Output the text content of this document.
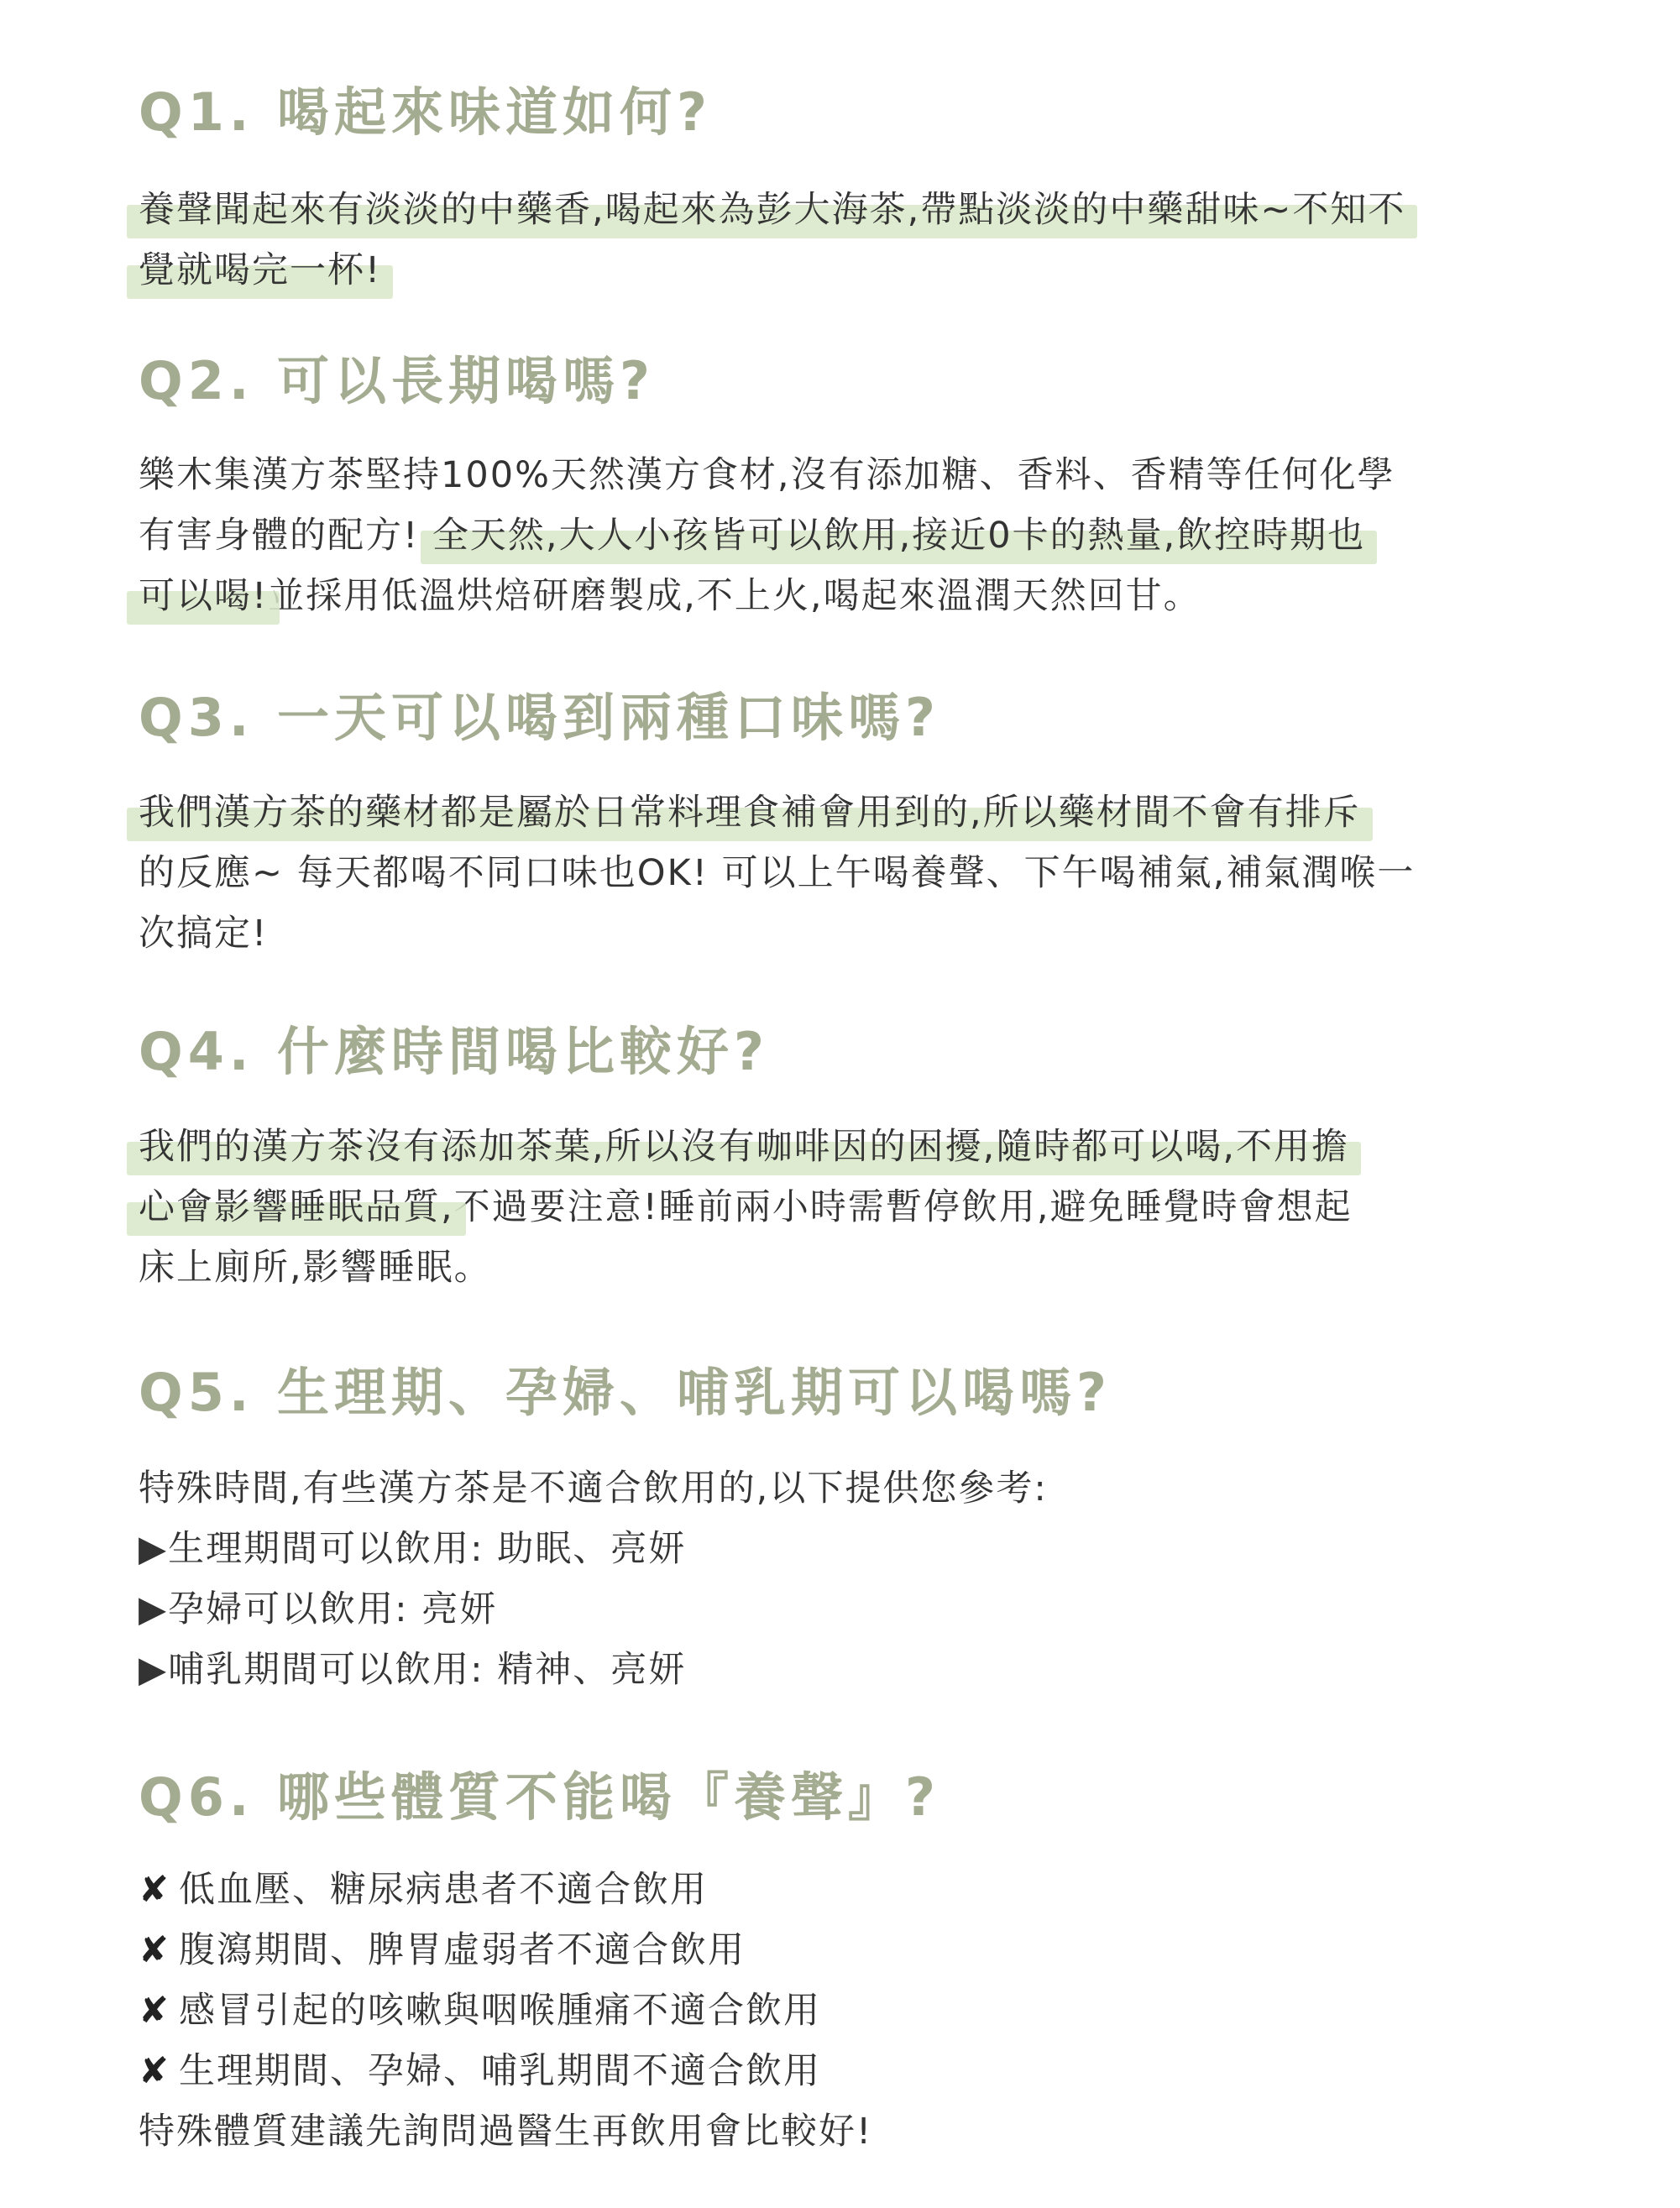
Q1. 喝起來味道如何?
養聲聞起來有淡淡的中藥香,喝起來為彭大海茶,帶點淡淡的中藥甜味~不知不
覺就喝完一杯!
Q2. 可以長期喝嗎?
樂木集漢方茶堅持100%天然漢方食材,沒有添加糖、香料、香精等任何化學
有害身體的配方! 全天然,大人小孩皆可以飲用,接近0卡的熱量,飲控時期也
可以喝!並採用低溫烘焙研磨製成,不上火,喝起來溫潤天然回甘。
Q3. 一天可以喝到兩種口味嗎?
我們漢方茶的藥材都是屬於日常料理食補會用到的,所以藥材間不會有排斥
的反應~ 每天都喝不同口味也OK! 可以上午喝養聲、下午喝補氣,補氣潤喉一
次搞定!
Q4. 什麼時間喝比較好?
我們的漢方茶沒有添加茶葉,所以沒有咖啡因的困擾,隨時都可以喝,不用擔
心會影響睡眠品質,不過要注意!睡前兩小時需暫停飲用,避免睡覺時會想起
床上廁所,影響睡眠。
Q5. 生理期、孕婦、哺乳期可以喝嗎?
特殊時間,有些漢方茶是不適合飲用的,以下提供您參考:
▶生理期間可以飲用: 助眠、亮妍
▶孕婦可以飲用: 亮妍
▶哺乳期間可以飲用: 精神、亮妍
Q6. 哪些體質不能喝『養聲』?
✘ 低血壓、糖尿病患者不適合飲用
✘ 腹瀉期間、脾胃虛弱者不適合飲用
✘ 感冒引起的咳嗽與咽喉腫痛不適合飲用
✘ 生理期間、孕婦、哺乳期間不適合飲用
特殊體質建議先詢問過醫生再飲用會比較好!
